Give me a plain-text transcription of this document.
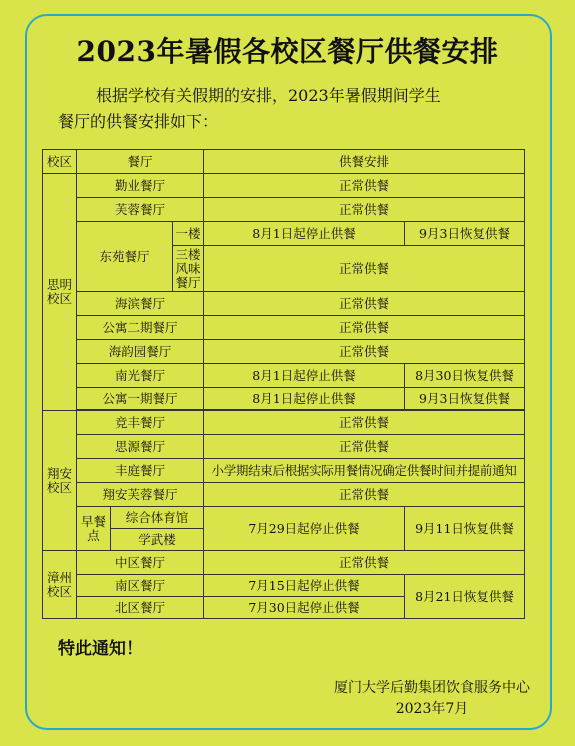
2023年暑假各校区餐厅供餐安排
根据学校有关假期的安排，2023年暑假期间学生
餐厅的供餐安排如下：
校区	餐厅			供餐安排	
思明校区	勤业餐厅			正常供餐	
	芙蓉餐厅			正常供餐	
	东苑餐厅		一楼	8月1日起停止供餐	9月3日恢复供餐
			三楼风味餐厅	正常供餐	
	海滨餐厅			正常供餐	
	公寓二期餐厅			正常供餐	
	海韵园餐厅			正常供餐	
	南光餐厅			8月1日起停止供餐	8月30日恢复供餐
	公寓一期餐厅			8月1日起停止供餐	9月3日恢复供餐

翔安校区	竞丰餐厅			正常供餐	
	思源餐厅			正常供餐	
	丰庭餐厅			小学期结束后根据实际用餐情况确定供餐时间并提前通知	
	翔安芙蓉餐厅			正常供餐	
	早餐点	综合体育馆		7月29日起停止供餐	9月11日恢复供餐
		学武楼			
漳州校区	中区餐厅			正常供餐	
	南区餐厅			7月15日起停止供餐	8月21日恢复供餐
	北区餐厅			7月30日起停止供餐	
特此通知！
厦门大学后勤集团饮食服务中心
2023年7月
